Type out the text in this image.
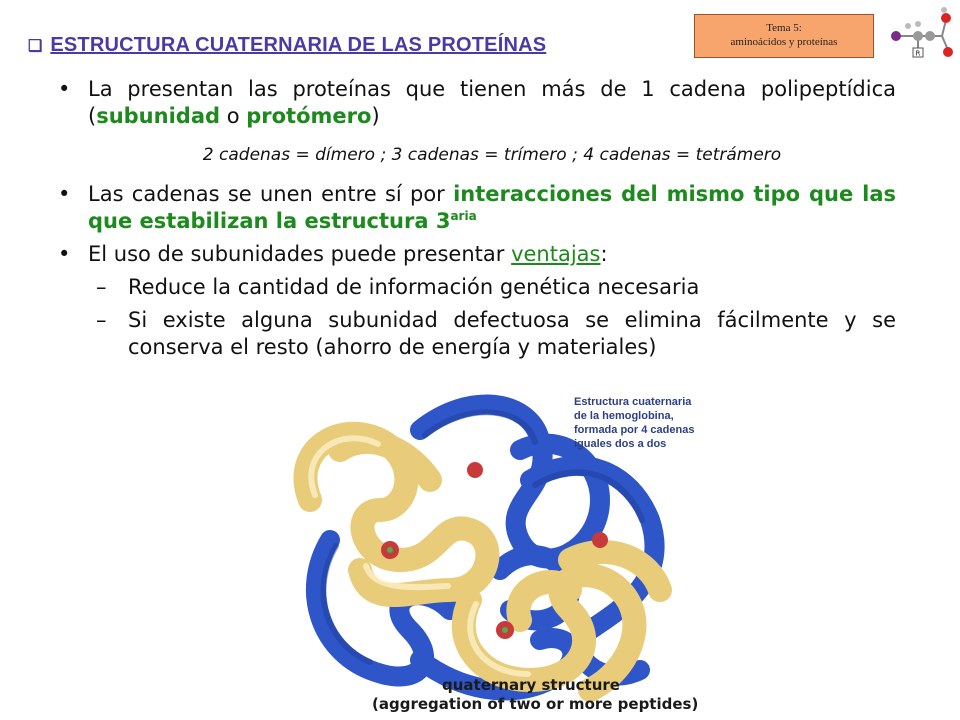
❑ ESTRUCTURA CUATERNARIA DE LAS PROTEÍNAS
Tema 5:
aminoácidos y proteínas
R
• La presentan las proteínas que tienen más de 1 cadena polipeptídica (subunidad o protómero)
2 cadenas = dímero ; 3 cadenas = trímero ; 4 cadenas = tetrámero
• Las cadenas se unen entre sí por interacciones del mismo tipo que las que estabilizan la estructura $3^{aria}$
• El uso de subunidades puede presentar ventajas:
– Reduce la cantidad de información genética necesaria
– Si existe alguna subunidad defectuosa se elimina fácilmente y se conserva el resto (ahorro de energía y materiales)
Estructura cuaternaria
de la hemoglobina,
formada por 4 cadenas
iguales dos a dos
quaternary structure
(aggregation of two or more peptides)
